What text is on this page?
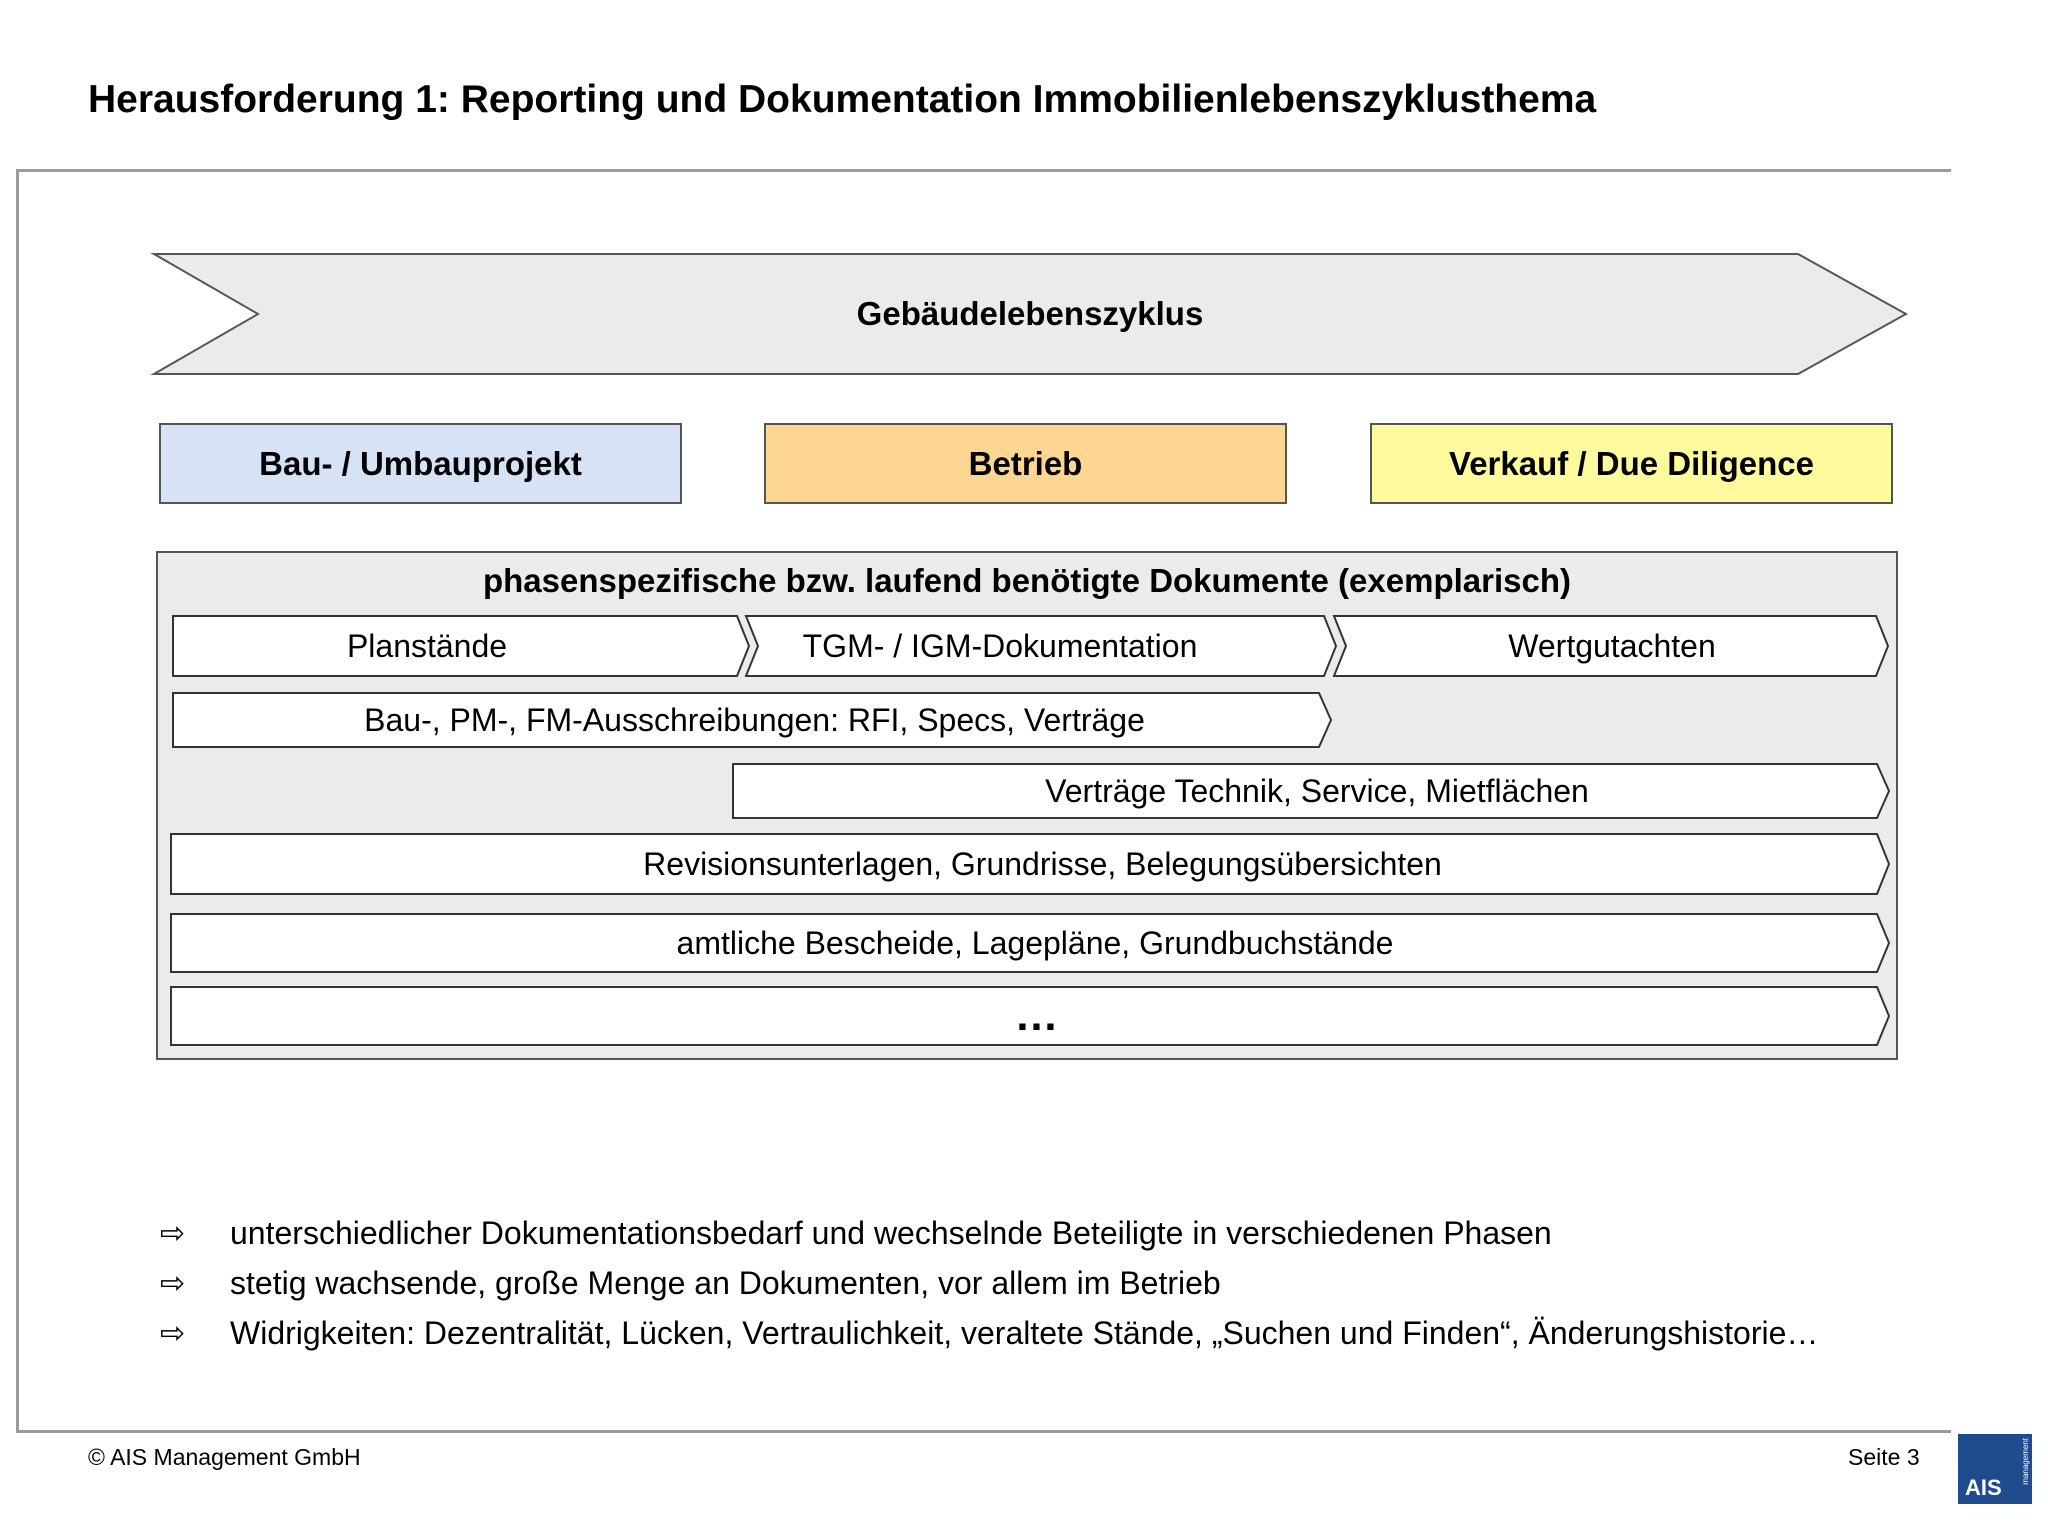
Herausforderung 1: Reporting und Dokumentation Immobilienlebenszyklusthema
Gebäudelebenszyklus
Bau- / Umbauprojekt	Betrieb	Verkauf / Due Diligence
phasenspezifische bzw. laufend benötigte Dokumente (exemplarisch)
Planstände	TGM- / IGM-Dokumentation	Wertgutachten
Bau-, PM-, FM-Ausschreibungen: RFI, Specs, Verträge
Verträge Technik, Service, Mietflächen
Revisionsunterlagen, Grundrisse, Belegungsübersichten
amtliche Bescheide, Lagepläne, Grundbuchstände
…
⇨	unterschiedlicher Dokumentationsbedarf und wechselnde Beteiligte in verschiedenen Phasen
⇨	stetig wachsende, große Menge an Dokumenten, vor allem im Betrieb
⇨	Widrigkeiten: Dezentralität, Lücken, Vertraulichkeit, veraltete Stände, „Suchen und Finden“, Änderungshistorie…
© AIS Management GmbH	Seite 3	management
AIS
